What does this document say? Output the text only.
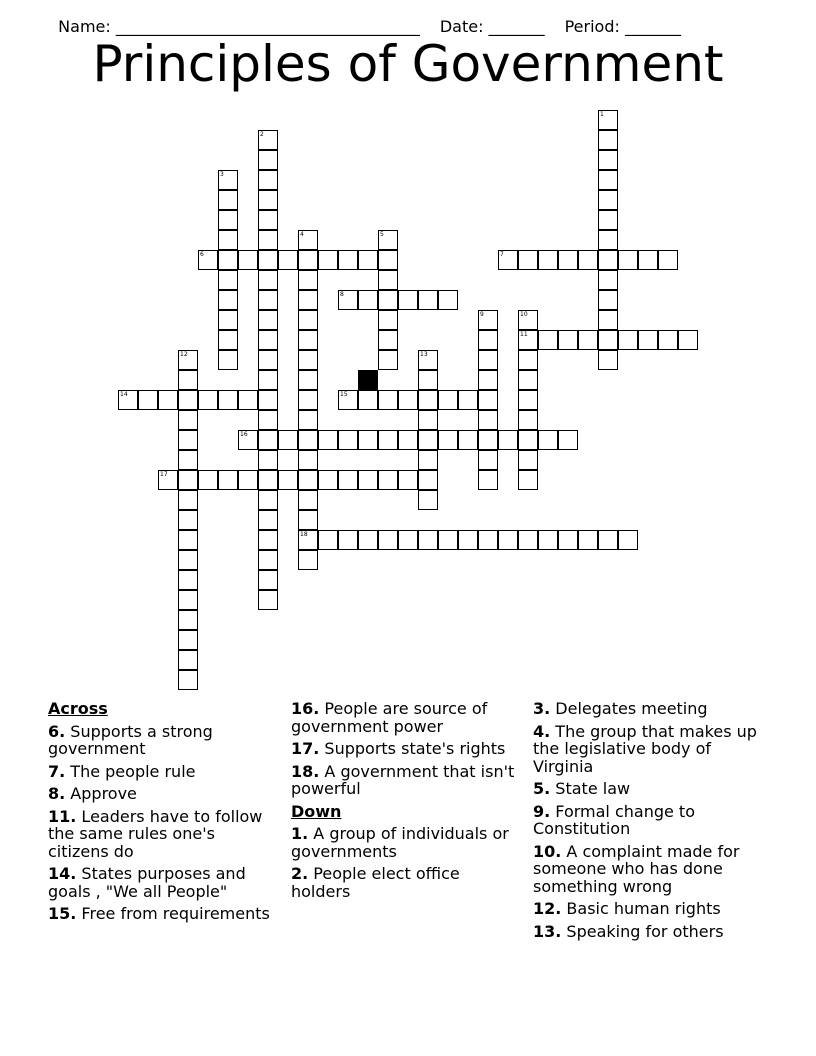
Name: ______________________________________ Date: _______ Period: _______

Principles of Government
1
2
3
4
18
5
6	7
8
9	10
11
12	13
14	15
16
17
Across
6. Supports a strong government
7. The people rule
8. Approve
11. Leaders have to follow the same rules one's citizens do
14. States purposes and goals , "We all People"
15. Free from requirements
16. People are source of government power
17. Supports state's rights
18. A government that isn't powerful
Down
1. A group of individuals or governments
2. People elect office holders
3. Delegates meeting
4. The group that makes up the legislative body of Virginia
5. State law
9. Formal change to Constitution
10. A complaint made for someone who has done something wrong
12. Basic human rights
13. Speaking for others
